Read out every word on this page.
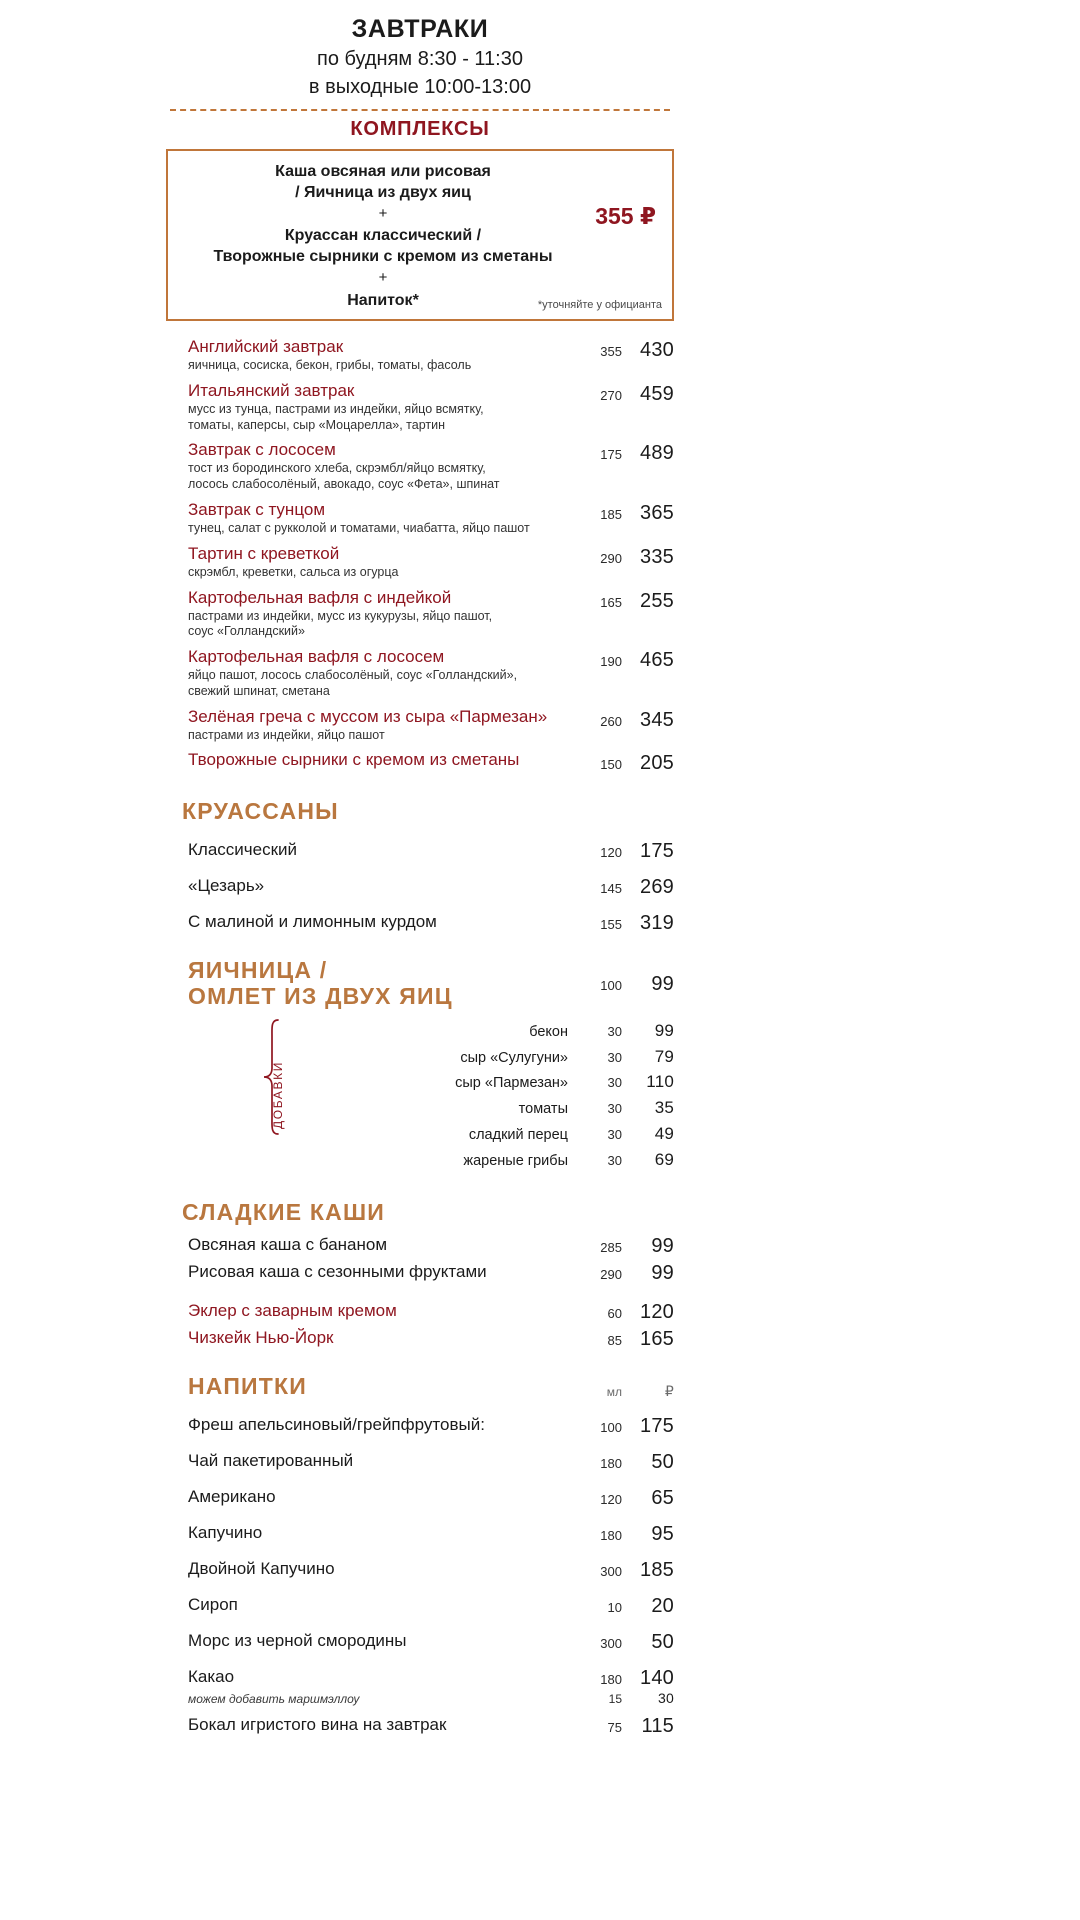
ЗАВТРАКИ
по будням 8:30 - 11:30
в выходные 10:00-13:00
КОМПЛЕКСЫ
Каша овсяная или рисовая
/ Яичница из двух яиц
+
Круассан классический /
Творожные сырники с кремом из сметаны
+
Напиток*
355 ₽
*уточняйте у официанта
Английский завтрак
яичница, сосиска, бекон, грибы, томаты, фасоль
355 430
Итальянский завтрак
мусс из тунца, пастрами из индейки, яйцо всмятку,
томаты, каперсы, сыр «Моцарелла», тартин
270 459
Завтрак с лососем
тост из бородинского хлеба, скрэмбл/яйцо всмятку,
лосось слабосолёный, авокадо, соус «Фета», шпинат
175 489
Завтрак с тунцом
тунец, салат с рукколой и томатами, чиабатта, яйцо пашот
185 365
Тартин с креветкой
скрэмбл, креветки, сальса из огурца
290 335
Картофельная вафля с индейкой
пастрами из индейки, мусс из кукурузы, яйцо пашот,
соус «Голландский»
165 255
Картофельная вафля с лососем
яйцо пашот, лосось слабосолёный, соус «Голландский»,
свежий шпинат, сметана
190 465
Зелёная греча с муссом из сыра «Пармезан»
пастрами из индейки, яйцо пашот
260 345
Творожные сырники с кремом из сметаны	150 205
КРУАССАНЫ
Классический	120 175
«Цезарь»	145 269
С малиной и лимонным курдом	155 319
ЯИЧНИЦА /
ОМЛЕТ ИЗ ДВУХ ЯИЦ	100	99
ДОБАВКИ
бекон	30	99
сыр «Сулугуни»	30	79
сыр «Пармезан»	30	110
томаты	30	35
сладкий перец	30	49
жареные грибы	30	69
СЛАДКИЕ КАШИ
Овсяная каша с бананом	285	99
Рисовая каша с сезонными фруктами	290	99
Эклер с заварным кремом	60 120
Чизкейк Нью-Йорк	85 165
НАПИТКИ	мл	₽
Фреш апельсиновый/грейпфрутовый:	100 175
Чай пакетированный	180	50
Американо	120	65
Капучино	180	95
Двойной Капучино	300 185
Сироп	10	20
Морс из черной смородины	300	50
Какао	180 140
можем добавить маршмэллоу	15	30
Бокал игристого вина на завтрак	75 115
